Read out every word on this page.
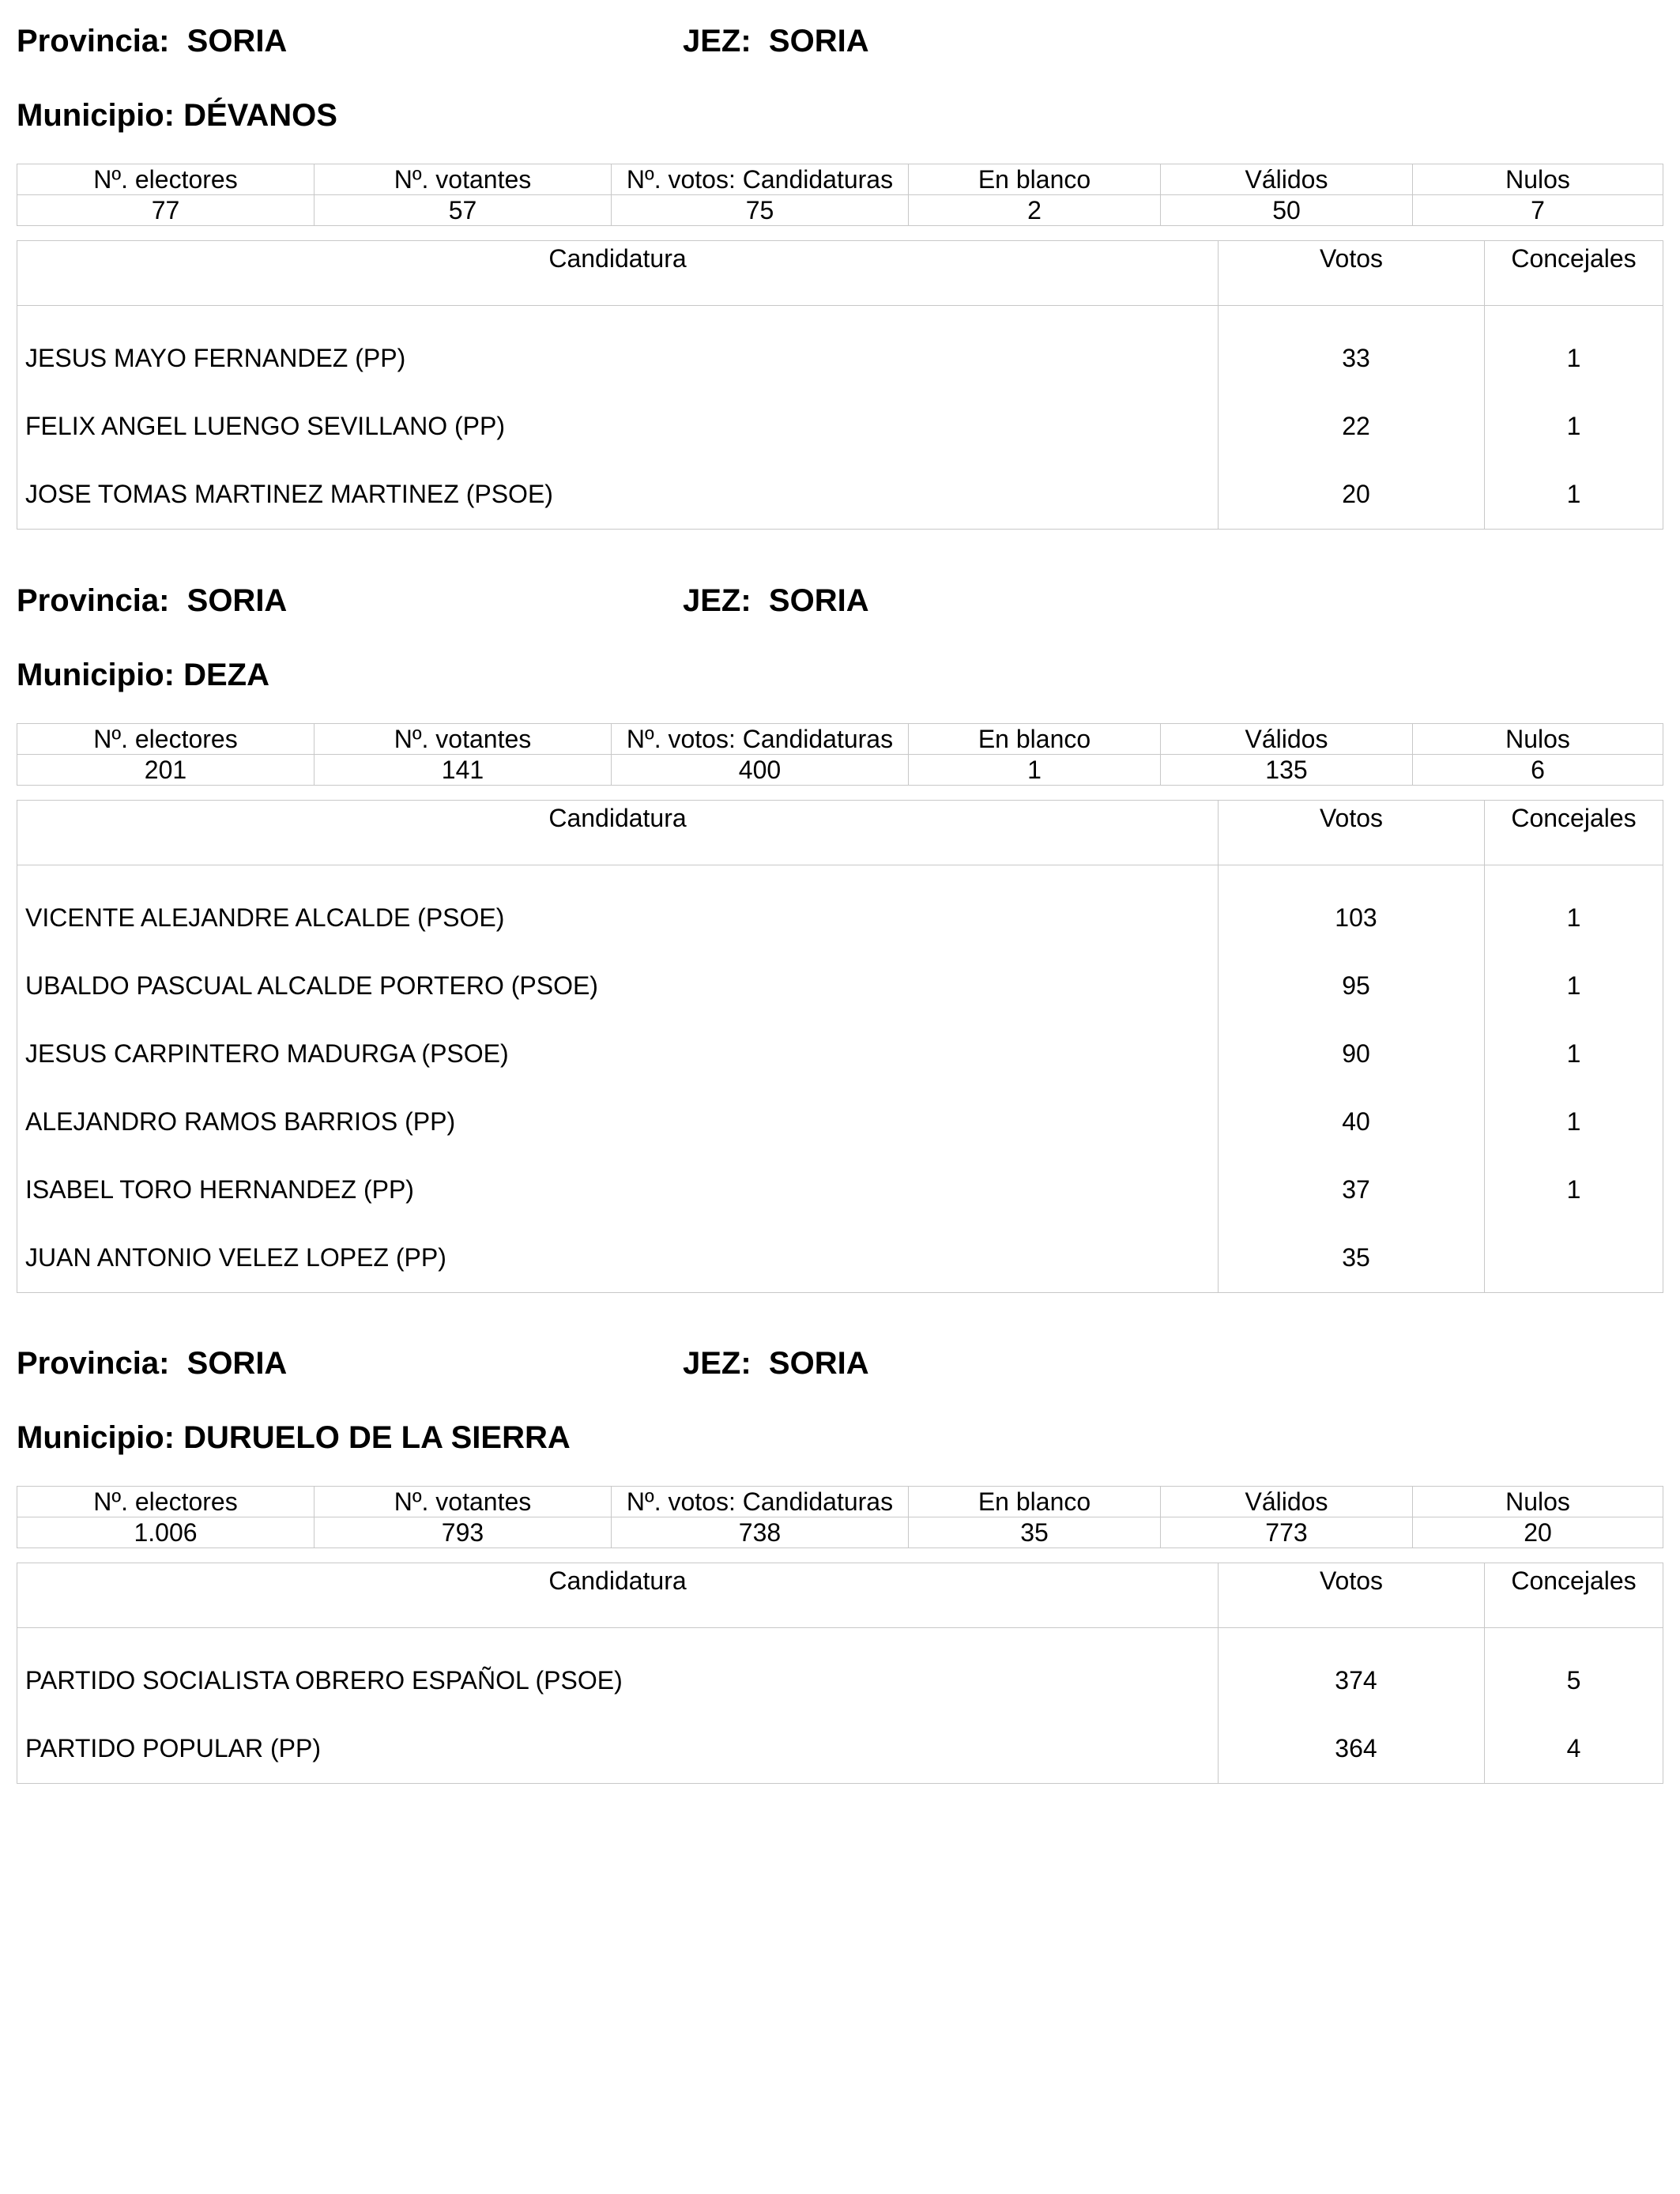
Provincia: SORIA	JEZ: SORIA
Municipio: DÉVANOS
Nº. electores	Nº. votantes	Nº. votos: Candidaturas	En blanco	Válidos	Nulos
77	57	75	2	50	7
Candidatura	Votos	Concejales
JESUS MAYO FERNANDEZ (PP)	33	1
FELIX ANGEL LUENGO SEVILLANO (PP)	22	1
JOSE TOMAS MARTINEZ MARTINEZ (PSOE)	20	1
Provincia: SORIA	JEZ: SORIA
Municipio: DEZA
Nº. electores	Nº. votantes	Nº. votos: Candidaturas	En blanco	Válidos	Nulos
201	141	400	1	135	6
Candidatura	Votos	Concejales
VICENTE ALEJANDRE ALCALDE (PSOE)	103	1
UBALDO PASCUAL ALCALDE PORTERO (PSOE)	95	1
JESUS CARPINTERO MADURGA (PSOE)	90	1
ALEJANDRO RAMOS BARRIOS (PP)	40	1
ISABEL TORO HERNANDEZ (PP)	37	1
JUAN ANTONIO VELEZ LOPEZ (PP)	35	
Provincia: SORIA	JEZ: SORIA
Municipio: DURUELO DE LA SIERRA
Nº. electores	Nº. votantes	Nº. votos: Candidaturas	En blanco	Válidos	Nulos
1.006	793	738	35	773	20
Candidatura	Votos	Concejales
PARTIDO SOCIALISTA OBRERO ESPAÑOL (PSOE)	374	5
PARTIDO POPULAR (PP)	364	4
